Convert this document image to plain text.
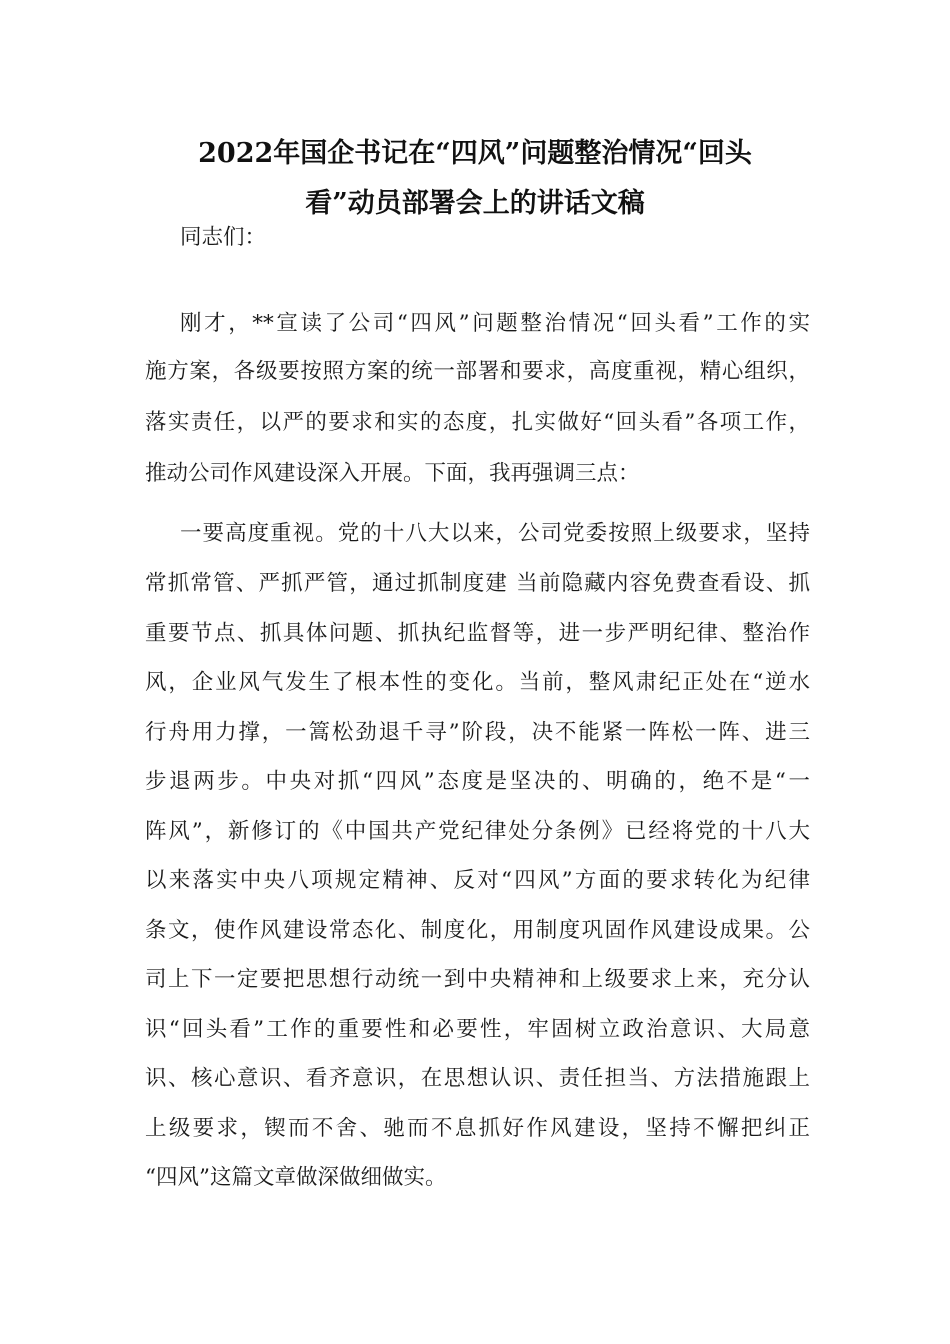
2022年国企书记在“四风”问题整治情况“回头
看”动员部署会上的讲话文稿
同志们：
刚才，**宣读了公司“四风”问题整治情况“回头看”工作的实
施方案，各级要按照方案的统一部署和要求，高度重视，精心组织，
落实责任，以严的要求和实的态度，扎实做好“回头看”各项工作，
推动公司作风建设深入开展。下面，我再强调三点：
一要高度重视。党的十八大以来，公司党委按照上级要求，坚持
常抓常管、严抓严管，通过抓制度建 当前隐藏内容免费查看设、抓
重要节点、抓具体问题、抓执纪监督等，进一步严明纪律、整治作
风，企业风气发生了根本性的变化。当前，整风肃纪正处在“逆水
行舟用力撑，一篙松劲退千寻”阶段，决不能紧一阵松一阵、进三
步退两步。中央对抓“四风”态度是坚决的、明确的，绝不是“一
阵风”，新修订的《中国共产党纪律处分条例》已经将党的十八大
以来落实中央八项规定精神、反对“四风”方面的要求转化为纪律
条文，使作风建设常态化、制度化，用制度巩固作风建设成果。公
司上下一定要把思想行动统一到中央精神和上级要求上来，充分认
识“回头看”工作的重要性和必要性，牢固树立政治意识、大局意
识、核心意识、看齐意识，在思想认识、责任担当、方法措施跟上
上级要求，锲而不舍、驰而不息抓好作风建设，坚持不懈把纠正
“四风”这篇文章做深做细做实。
